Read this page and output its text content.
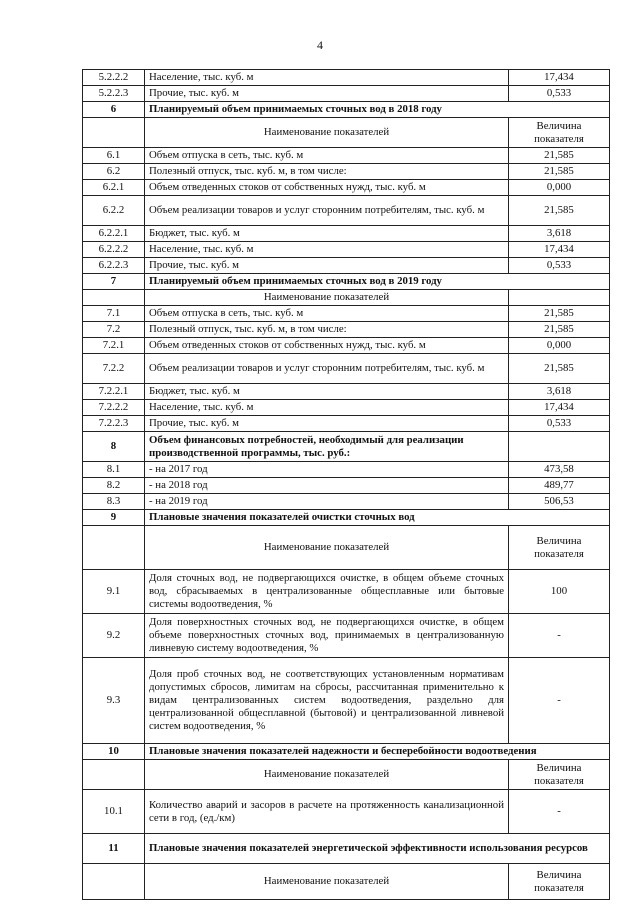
4
5.2.2.2	Население, тыс. куб. м	17,434
5.2.2.3	Прочие, тыс. куб. м	0,533
6	Планируемый объем принимаемых сточных вод в 2018 году	
	Наименование показателей	Величина показателя
6.1	Объем отпуска в сеть, тыс. куб. м	21,585
6.2	Полезный отпуск, тыс. куб. м, в том числе:	21,585
6.2.1	Объем отведенных стоков от собственных нужд, тыс. куб. м	0,000
6.2.2	Объем реализации товаров и услуг сторонним потребителям, тыс. куб. м	21,585
6.2.2.1	Бюджет, тыс. куб. м	3,618
6.2.2.2	Население, тыс. куб. м	17,434
6.2.2.3	Прочие, тыс. куб. м	0,533
7	Планируемый объем принимаемых сточных вод в 2019 году	
	Наименование показателей	
7.1	Объем отпуска в сеть, тыс. куб. м	21,585
7.2	Полезный отпуск, тыс. куб. м, в том числе:	21,585
7.2.1	Объем отведенных стоков от собственных нужд, тыс. куб. м	0,000
7.2.2	Объем реализации товаров и услуг сторонним потребителям, тыс. куб. м	21,585
7.2.2.1	Бюджет, тыс. куб. м	3,618
7.2.2.2	Население, тыс. куб. м	17,434
7.2.2.3	Прочие, тыс. куб. м	0,533
8	Объем финансовых потребностей, необходимый для реализации производственной программы, тыс. руб.:	
8.1	- на 2017 год	473,58
8.2	- на 2018 год	489,77
8.3	- на 2019 год	506,53
9	Плановые значения показателей очистки сточных вод	
	Наименование показателей	Величина показателя
9.1	Доля сточных вод, не подвергающихся очистке, в общем объеме сточных вод, сбрасываемых в централизованные общесплавные или бытовые системы водоотведения, %	100
9.2	Доля поверхностных сточных вод, не подвергающихся очистке, в общем объеме поверхностных сточных вод, принимаемых в централизованную ливневую систему водоотведения, %	-
9.3	Доля проб сточных вод, не соответствующих установленным нормативам допустимых сбросов, лимитам на сбросы, рассчитанная применительно к видам централизованных систем водоотведения, раздельно для централизованной общесплавной (бытовой) и централизованной ливневой систем водоотведения, %	-
10	Плановые значения показателей надежности и бесперебойности водоотведения	
	Наименование показателей	Величина показателя
10.1	Количество аварий и засоров в расчете на протяженность канализационной сети в год, (ед./км)	-
11	Плановые значения показателей энергетической эффективности использования ресурсов	
	Наименование показателей	Величина показателя
